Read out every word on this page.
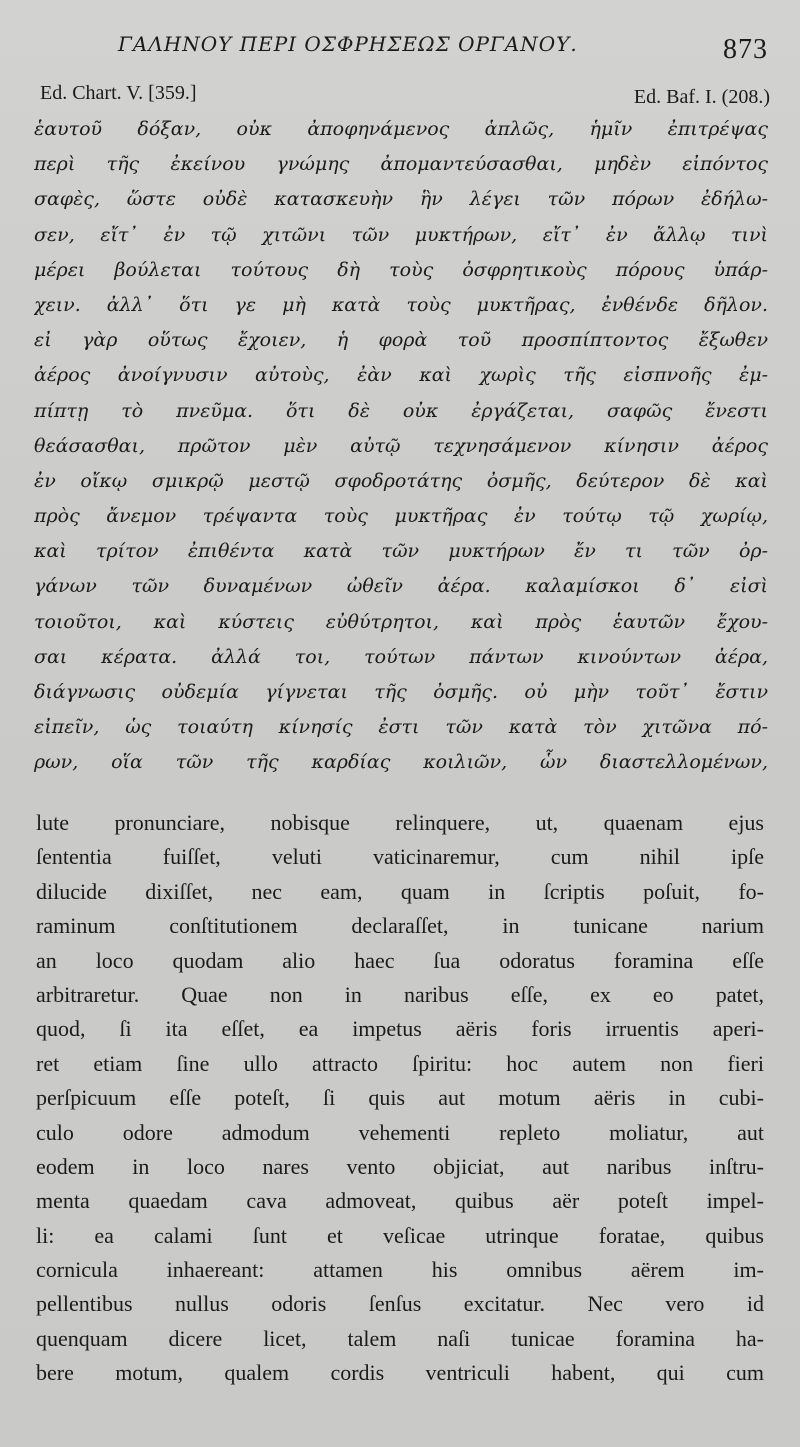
ΓΑΛΗΝΟΥ ΠΕΡΙ ΟΣΦΡΗΣΕΩΣ ΟΡΓΑΝΟΥ.	873
Ed. Chart. V. [359.]	Ed. Baf. I. (208.)
ἑαυτοῦ δόξαν, οὐκ ἀποφηνάμενος ἁπλῶς, ἡμῖν ἐπιτρέψας
περὶ τῆς ἐκείνου γνώμης ἀπομαντεύσασθαι, μηδὲν εἰπόντος
σαφὲς, ὥστε οὐδὲ κατασκευὴν ἣν λέγει τῶν πόρων ἐδήλω-
σεν, εἴτ᾿ ἐν τῷ χιτῶνι τῶν μυκτήρων, εἴτ᾿ ἐν ἄλλῳ τινὶ
μέρει βούλεται τούτους δὴ τοὺς ὀσφρητικοὺς πόρους ὑπάρ-
χειν. ἀλλ᾿ ὅτι γε μὴ κατὰ τοὺς μυκτῆρας, ἐνθένδε δῆλον.
εἰ γὰρ οὕτως ἔχοιεν, ἡ φορὰ τοῦ προσπίπτοντος ἔξωθεν
ἀέρος ἀνοίγνυσιν αὐτοὺς, ἐὰν καὶ χωρὶς τῆς εἰσπνοῆς ἐμ-
πίπτῃ τὸ πνεῦμα. ὅτι δὲ οὐκ ἐργάζεται, σαφῶς ἔνεστι
θεάσασθαι, πρῶτον μὲν αὐτῷ τεχνησάμενον κίνησιν ἀέρος
ἐν οἴκῳ σμικρῷ μεστῷ σφοδροτάτης ὀσμῆς, δεύτερον δὲ καὶ
πρὸς ἄνεμον τρέψαντα τοὺς μυκτῆρας ἐν τούτῳ τῷ χωρίῳ,
καὶ τρίτον ἐπιθέντα κατὰ τῶν μυκτήρων ἔν τι τῶν ὀρ-
γάνων τῶν δυναμένων ὠθεῖν ἀέρα. καλαμίσκοι δ᾿ εἰσὶ
τοιοῦτοι, καὶ κύστεις εὐθύτρητοι, καὶ πρὸς ἑαυτῶν ἔχου-
σαι κέρατα. ἀλλά τοι, τούτων πάντων κινούντων ἀέρα,
διάγνωσις οὐδεμία γίγνεται τῆς ὀσμῆς. οὐ μὴν τοῦτ᾿ ἔστιν
εἰπεῖν, ὡς τοιαύτη κίνησίς ἐστι τῶν κατὰ τὸν χιτῶνα πό-
ρων, οἵα τῶν τῆς καρδίας κοιλιῶν, ὧν διαστελλομένων,
lute pronunciare, nobisque relinquere, ut, quaenam ejus
ſententia fuiſſet, veluti vaticinaremur, cum nihil ipſe
dilucide dixiſſet, nec eam, quam in ſcriptis poſuit, fo-
raminum conſtitutionem declaraſſet, in tunicane narium
an loco quodam alio haec ſua odoratus foramina eſſe
arbitraretur. Quae non in naribus eſſe, ex eo patet,
quod, ſi ita eſſet, ea impetus aëris foris irruentis aperi-
ret etiam ſine ullo attracto ſpiritu: hoc autem non fieri
perſpicuum eſſe poteſt, ſi quis aut motum aëris in cubi-
culo odore admodum vehementi repleto moliatur, aut
eodem in loco nares vento objiciat, aut naribus inſtru-
menta quaedam cava admoveat, quibus aër poteſt impel-
li: ea calami ſunt et veſicae utrinque foratae, quibus
cornicula inhaereant: attamen his omnibus aërem im-
pellentibus nullus odoris ſenſus excitatur. Nec vero id
quenquam dicere licet, talem naſi tunicae foramina ha-
bere motum, qualem cordis ventriculi habent, qui cum
